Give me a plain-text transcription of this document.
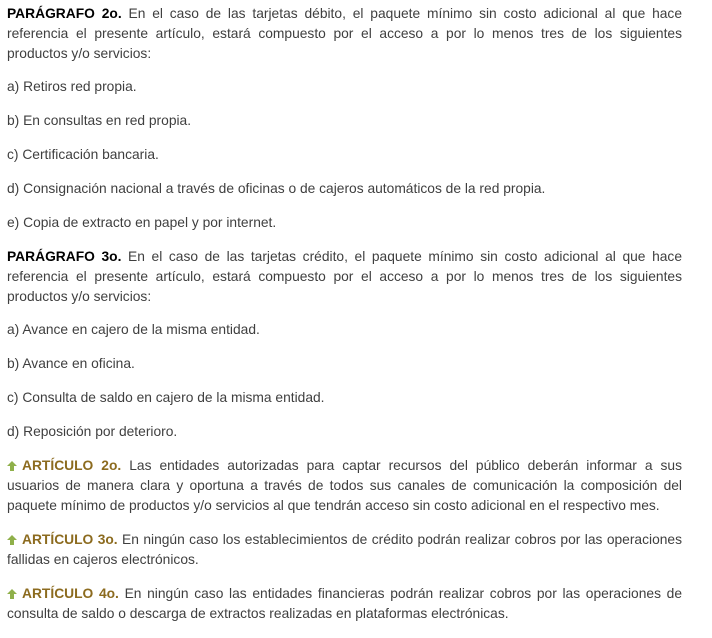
PARÁGRAFO 2o. En el caso de las tarjetas débito, el paquete mínimo sin costo adicional al que hace referencia el presente artículo, estará compuesto por el acceso a por lo menos tres de los siguientes productos y/o servicios:

a) Retiros red propia.

b) En consultas en red propia.

c) Certificación bancaria.

d) Consignación nacional a través de oficinas o de cajeros automáticos de la red propia.

e) Copia de extracto en papel y por internet.

PARÁGRAFO 3o. En el caso de las tarjetas crédito, el paquete mínimo sin costo adicional al que hace referencia el presente artículo, estará compuesto por el acceso a por lo menos tres de los siguientes productos y/o servicios:

a) Avance en cajero de la misma entidad.

b) Avance en oficina.

c) Consulta de saldo en cajero de la misma entidad.

d) Reposición por deterioro.

ARTÍCULO 2o. Las entidades autorizadas para captar recursos del público deberán informar a sus usuarios de manera clara y oportuna a través de todos sus canales de comunicación la composición del paquete mínimo de productos y/o servicios al que tendrán acceso sin costo adicional en el respectivo mes.

ARTÍCULO 3o. En ningún caso los establecimientos de crédito podrán realizar cobros por las operaciones fallidas en cajeros electrónicos.

ARTÍCULO 4o. En ningún caso las entidades financieras podrán realizar cobros por las operaciones de consulta de saldo o descarga de extractos realizadas en plataformas electrónicas.
